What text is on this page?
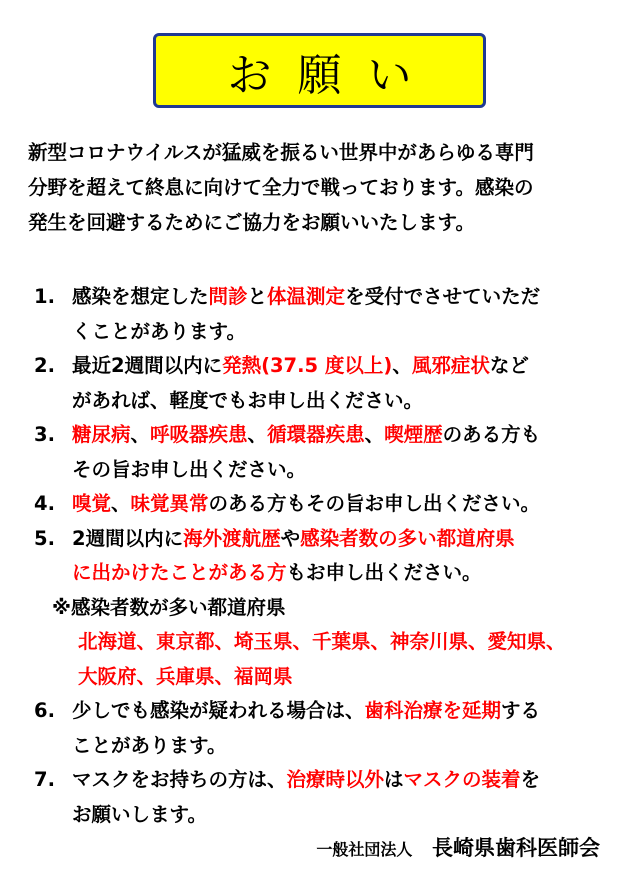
お願い
新型コロナウイルスが猛威を振るい世界中があらゆる専門
分野を超えて終息に向けて全力で戦っております。感染の
発生を回避するためにご協力をお願いいたします。
1. 感染を想定した問診と体温測定を受付でさせていただ
くことがあります。
2. 最近2週間以内に発熱(37.5 度以上)、風邪症状など
があれば、軽度でもお申し出ください。
3. 糖尿病、呼吸器疾患、循環器疾患、喫煙歴のある方も
その旨お申し出ください。
4. 嗅覚、味覚異常のある方もその旨お申し出ください。
5. 2週間以内に海外渡航歴や感染者数の多い都道府県
に出かけたことがある方もお申し出ください。
※感染者数が多い都道府県
北海道、東京都、埼玉県、千葉県、神奈川県、愛知県、
大阪府、兵庫県、福岡県
6. 少しでも感染が疑われる場合は、歯科治療を延期する
ことがあります。
7. マスクをお持ちの方は、治療時以外はマスクの装着を
お願いします。
一般社団法人 長崎県歯科医師会
